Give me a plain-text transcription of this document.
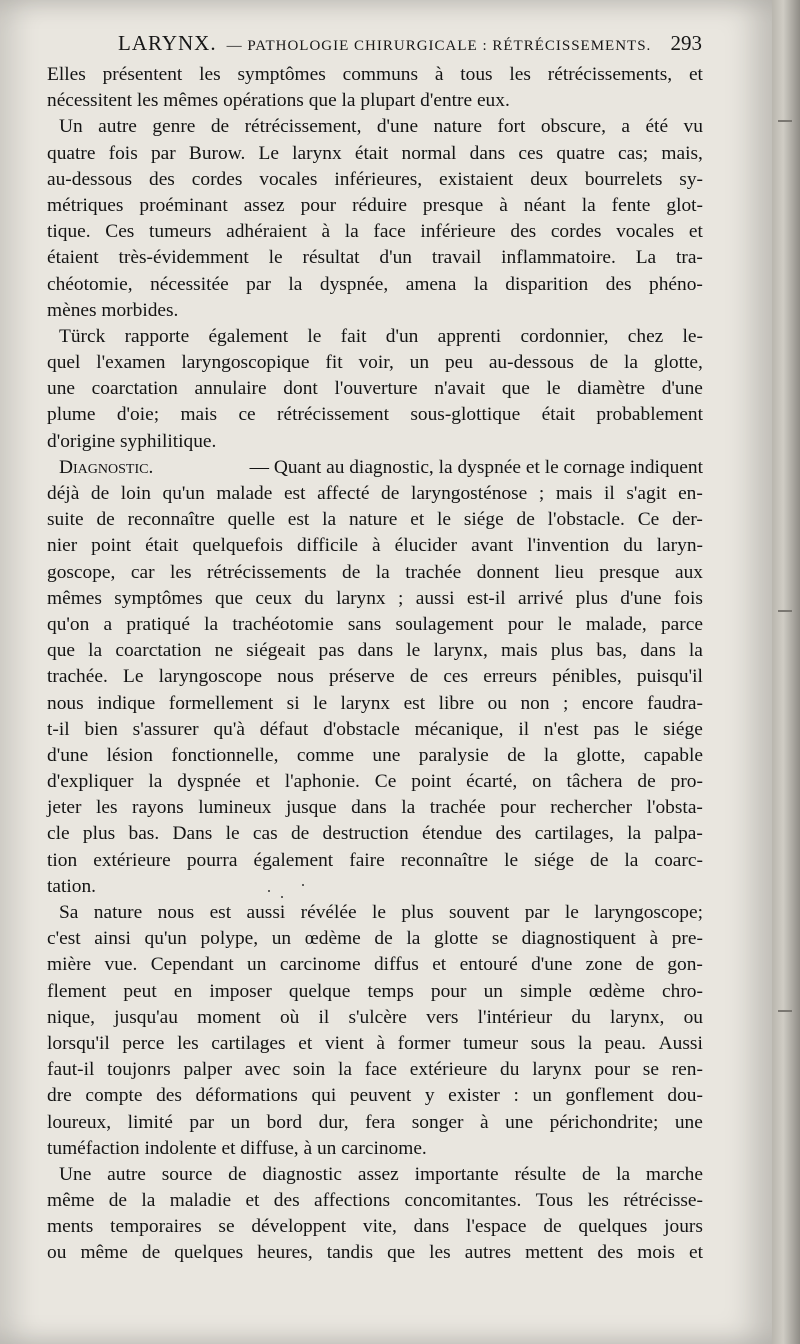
LARYNX. — PATHOLOGIE CHIRURGICALE : RÉTRÉCISSEMENTS. 293
Elles présentent les symptômes communs à tous les rétrécissements, et
nécessitent les mêmes opérations que la plupart d'entre eux.
Un autre genre de rétrécissement, d'une nature fort obscure, a été vu
quatre fois par Burow. Le larynx était normal dans ces quatre cas; mais,
au-dessous des cordes vocales inférieures, existaient deux bourrelets sy-
métriques proéminant assez pour réduire presque à néant la fente glot-
tique. Ces tumeurs adhéraient à la face inférieure des cordes vocales et
étaient très-évidemment le résultat d'un travail inflammatoire. La tra-
chéotomie, nécessitée par la dyspnée, amena la disparition des phéno-
mènes morbides.
Türck rapporte également le fait d'un apprenti cordonnier, chez le-
quel l'examen laryngoscopique fit voir, un peu au-dessous de la glotte,
une coarctation annulaire dont l'ouverture n'avait que le diamètre d'une
plume d'oie; mais ce rétrécissement sous-glottique était probablement
d'origine syphilitique.
Diagnostic.	— Quant au diagnostic, la dyspnée et le cornage indiquent
déjà de loin qu'un malade est affecté de laryngosténose ; mais il s'agit en-
suite de reconnaître quelle est la nature et le siége de l'obstacle. Ce der-
nier point était quelquefois difficile à élucider avant l'invention du laryn-
goscope, car les rétrécissements de la trachée donnent lieu presque aux
mêmes symptômes que ceux du larynx ; aussi est-il arrivé plus d'une fois
qu'on a pratiqué la trachéotomie sans soulagement pour le malade, parce
que la coarctation ne siégeait pas dans le larynx, mais plus bas, dans la
trachée. Le laryngoscope nous préserve de ces erreurs pénibles, puisqu'il
nous indique formellement si le larynx est libre ou non ; encore faudra-
t-il bien s'assurer qu'à défaut d'obstacle mécanique, il n'est pas le siége
d'une lésion fonctionnelle, comme une paralysie de la glotte, capable
d'expliquer la dyspnée et l'aphonie. Ce point écarté, on tâchera de pro-
jeter les rayons lumineux jusque dans la trachée pour rechercher l'obsta-
cle plus bas. Dans le cas de destruction étendue des cartilages, la palpa-
tion extérieure pourra également faire reconnaître le siége de la coarc-
tation.
Sa nature nous est aussi révélée le plus souvent par le laryngoscope;
c'est ainsi qu'un polype, un œdème de la glotte se diagnostiquent à pre-
mière vue. Cependant un carcinome diffus et entouré d'une zone de gon-
flement peut en imposer quelque temps pour un simple œdème chro-
nique, jusqu'au moment où il s'ulcère vers l'intérieur du larynx, ou
lorsqu'il perce les cartilages et vient à former tumeur sous la peau. Aussi
faut-il toujonrs palper avec soin la face extérieure du larynx pour se ren-
dre compte des déformations qui peuvent y exister : un gonflement dou-
loureux, limité par un bord dur, fera songer à une périchondrite; une
tuméfaction indolente et diffuse, à un carcinome.
Une autre source de diagnostic assez importante résulte de la marche
même de la maladie et des affections concomitantes. Tous les rétrécisse-
ments temporaires se développent vite, dans l'espace de quelques jours
ou même de quelques heures, tandis que les autres mettent des mois et
